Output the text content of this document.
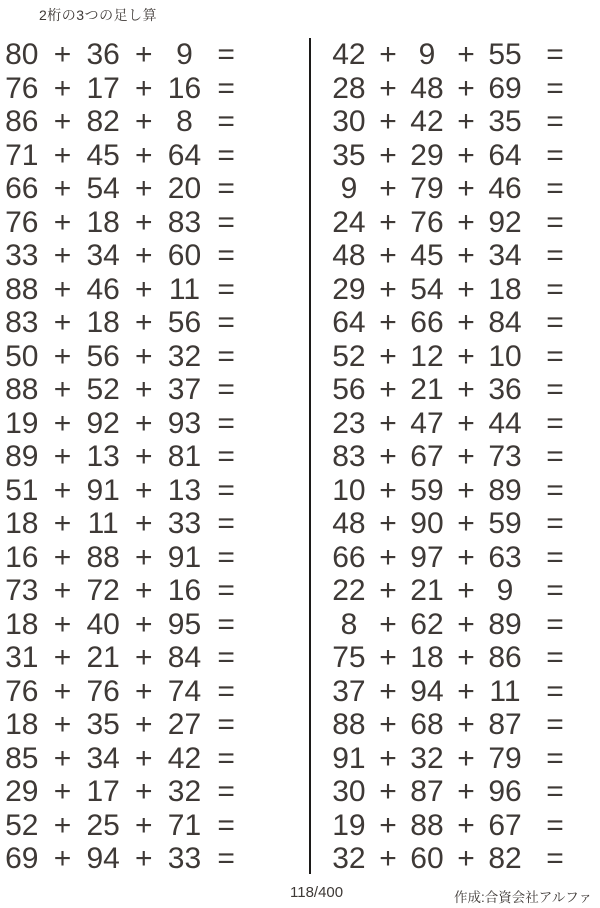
2桁の3つの足し算
80 + 36 + 9 =
76 + 17 + 16 =
86 + 82 + 8 =
71 + 45 + 64 =
66 + 54 + 20 =
76 + 18 + 83 =
33 + 34 + 60 =
88 + 46 + 11 =
83 + 18 + 56 =
50 + 56 + 32 =
88 + 52 + 37 =
19 + 92 + 93 =
89 + 13 + 81 =
51 + 91 + 13 =
18 + 11 + 33 =
16 + 88 + 91 =
73 + 72 + 16 =
18 + 40 + 95 =
31 + 21 + 84 =
76 + 76 + 74 =
18 + 35 + 27 =
85 + 34 + 42 =
29 + 17 + 32 =
52 + 25 + 71 =
69 + 94 + 33 =
42 + 9 + 55 =
28 + 48 + 69 =
30 + 42 + 35 =
35 + 29 + 64 =
9 + 79 + 46 =
24 + 76 + 92 =
48 + 45 + 34 =
29 + 54 + 18 =
64 + 66 + 84 =
52 + 12 + 10 =
56 + 21 + 36 =
23 + 47 + 44 =
83 + 67 + 73 =
10 + 59 + 89 =
48 + 90 + 59 =
66 + 97 + 63 =
22 + 21 + 9	=
8 + 62 + 89 =
75 + 18 + 86 =
37 + 94 + 11 =
88 + 68 + 87 =
91 + 32 + 79 =
30 + 87 + 96 =
19 + 88 + 67 =
32 + 60 + 82 =
118/400	作成:合資会社アルファ
